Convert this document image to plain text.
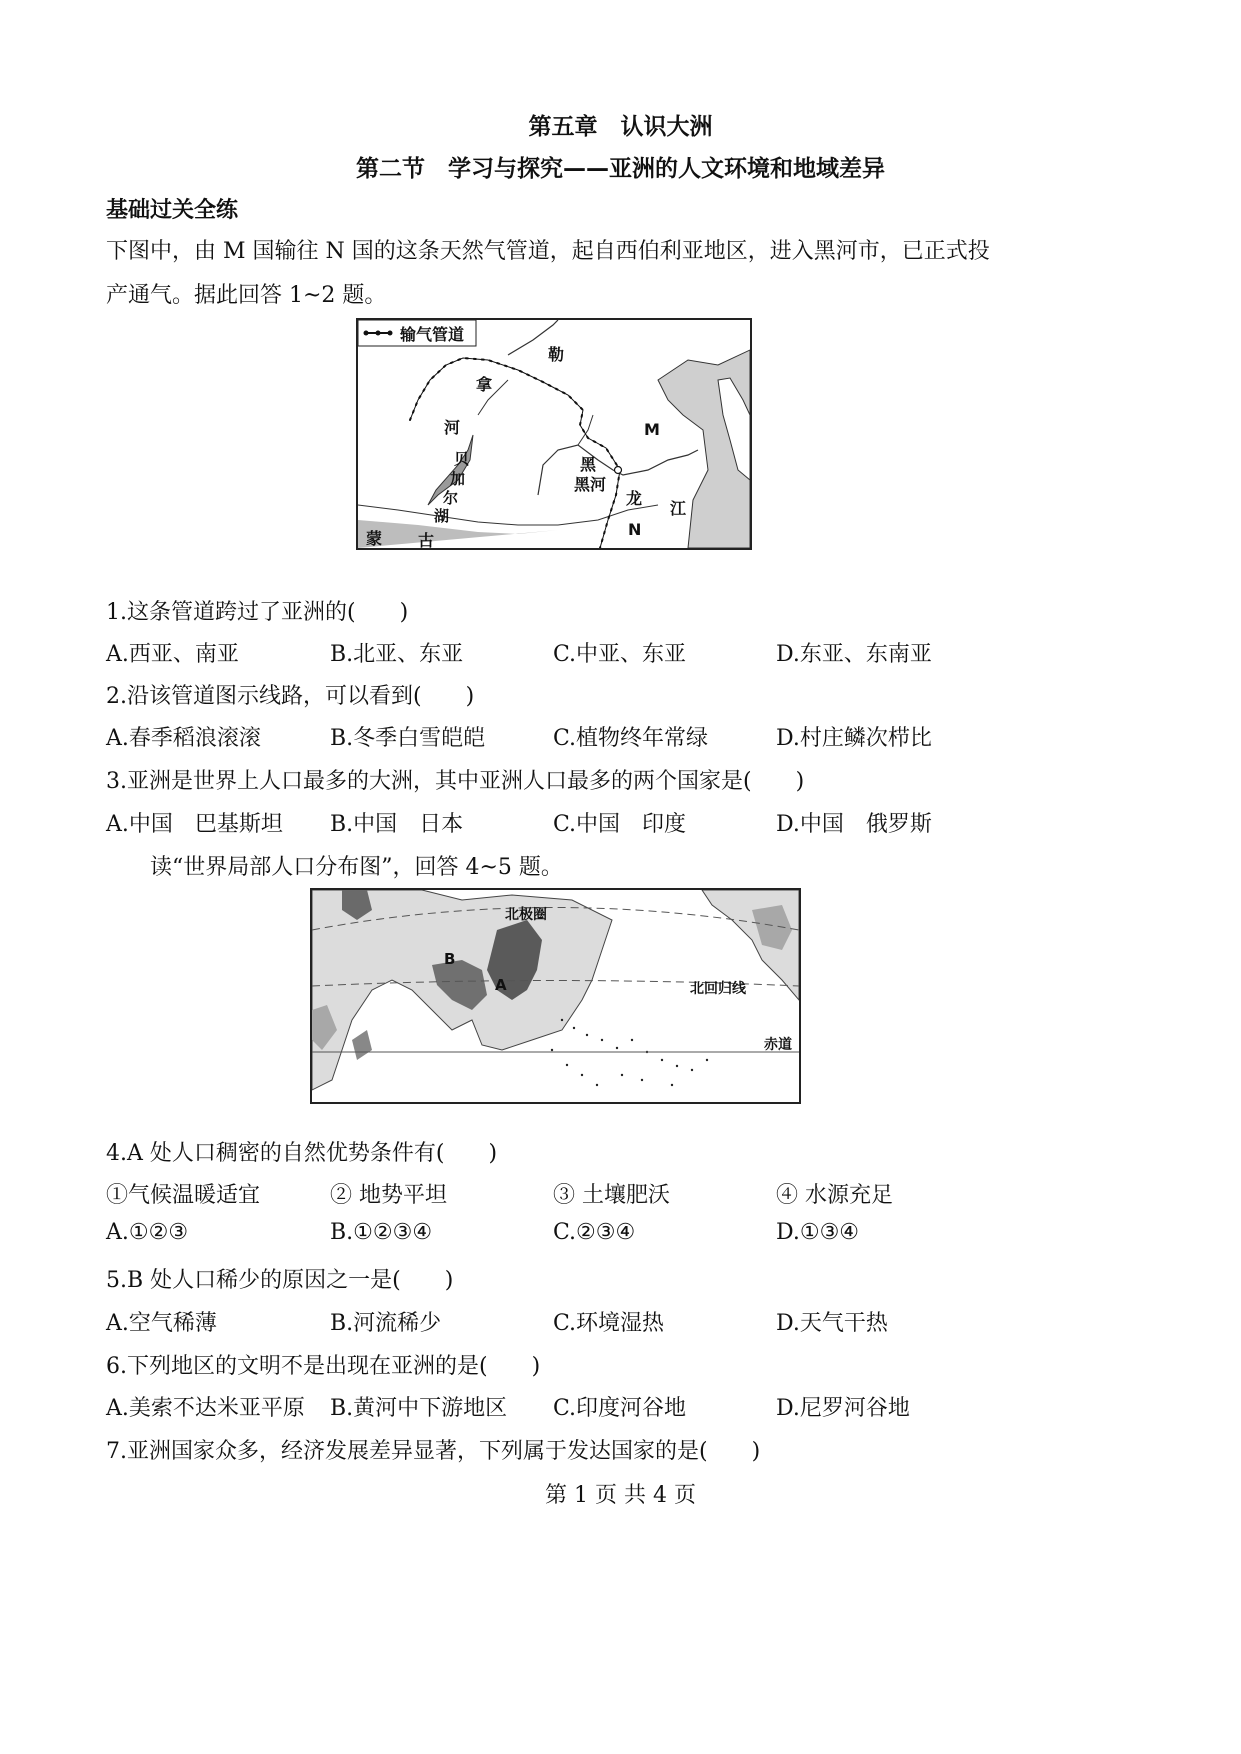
第五章　认识大洲
第二节　学习与探究——亚洲的人文环境和地域差异
基础过关全练
下图中，由 M 国输往 N 国的这条天然气管道，起自西伯利亚地区，进入黑河市，已正式投
产通气。据此回答 1~2 题。
输气管道
勒
拿
河	M
贝
加
尔
湖
黑
黑河
龙
江
N
蒙 古
1.这条管道跨过了亚洲的(　　)
A.西亚、南亚	B.北亚、东亚	C.中亚、东亚	D.东亚、东南亚
2.沿该管道图示线路，可以看到(　　)
A.春季稻浪滚滚	B.冬季白雪皑皑	C.植物终年常绿	D.村庄鳞次栉比
3.亚洲是世界上人口最多的大洲，其中亚洲人口最多的两个国家是(　　)
A.中国　巴基斯坦 B.中国　日本	C.中国　印度	D.中国　俄罗斯
读“世界局部人口分布图”，回答 4~5 题。
北极圈
北回归线
赤道
A
B
4.A 处人口稠密的自然优势条件有(　　)
①气候温暖适宜	② 地势平坦	③ 土壤肥沃	④ 水源充足
A.①②③	B.①②③④	C.②③④	D.①③④
5.B 处人口稀少的原因之一是(　　)
A.空气稀薄	B.河流稀少	C.环境湿热	D.天气干热
6.下列地区的文明不是出现在亚洲的是(　　)
A.美索不达米亚平原 B.黄河中下游地区 C.印度河谷地	D.尼罗河谷地
7.亚洲国家众多，经济发展差异显著，下列属于发达国家的是(　　)
第 1 页 共 4 页
